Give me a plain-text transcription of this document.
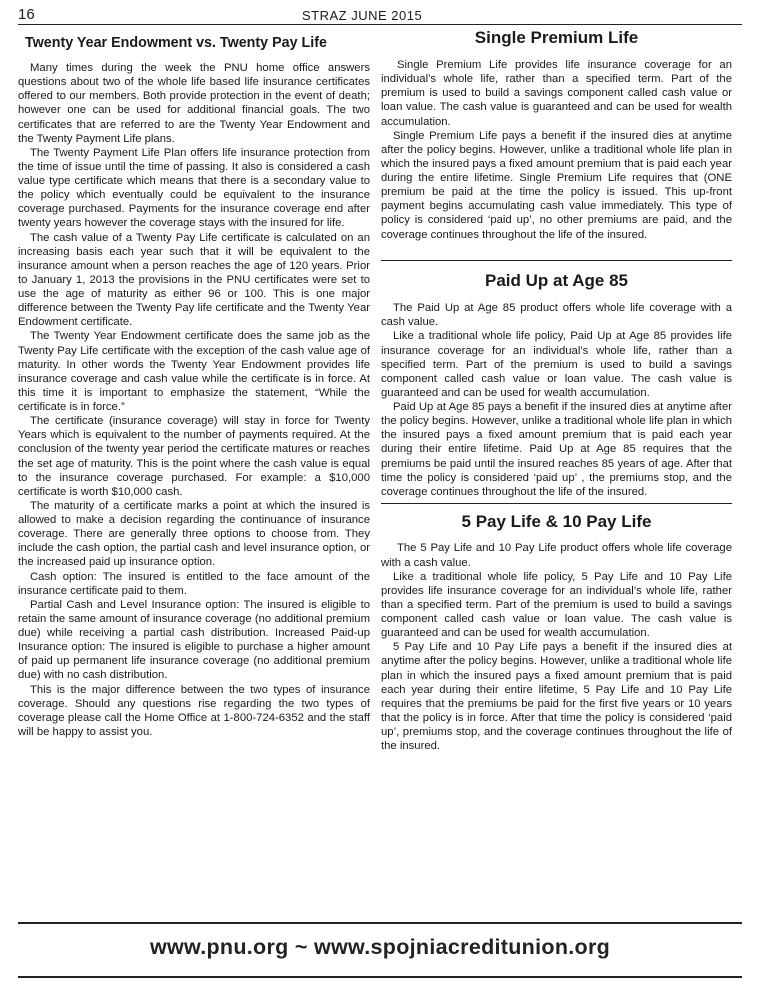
16	STRAZ JUNE 2015
Twenty Year Endowment vs. Twenty Pay Life

Many times during the week the PNU home office answers questions about two of the whole life based life insurance certificates offered to our members. Both provide protection in the event of death; however one can be used for additional financial goals. The two certificates that are referred to are the Twenty Year Endowment and the Twenty Payment Life plans.

The Twenty Payment Life Plan offers life insurance protection from the time of issue until the time of passing. It also is considered a cash value type certificate which means that there is a secondary value to the policy which eventually could be equivalent to the insurance coverage purchased. Payments for the insurance coverage end after twenty years however the coverage stays with the insured for life.

The cash value of a Twenty Pay Life certificate is calculated on an increasing basis each year such that it will be equivalent to the insurance amount when a person reaches the age of 120 years. Prior to January 1, 2013 the provisions in the PNU certificates were set to use the age of maturity as either 96 or 100. This is one major difference between the Twenty Pay life certificate and the Twenty Year Endowment certificate.

The Twenty Year Endowment certificate does the same job as the Twenty Pay Life certificate with the exception of the cash value age of maturity. In other words the Twenty Year Endowment provides life insurance coverage and cash value while the certificate is in force. At this time it is important to emphasize the statement, “While the certificate is in force.”

The certificate (insurance coverage) will stay in force for Twenty Years which is equivalent to the number of payments required. At the conclusion of the twenty year period the certificate matures or reaches the set age of maturity. This is the point where the cash value is equal to the insurance coverage purchased. For example: a $10,000 certificate is worth $10,000 cash.

The maturity of a certificate marks a point at which the insured is allowed to make a decision regarding the continuance of insurance coverage. There are generally three options to choose from. They include the cash option, the partial cash and level insurance option, or the increased paid up insurance option.

Cash option: The insured is entitled to the face amount of the insurance certificate paid to them.

Partial Cash and Level Insurance option: The insured is eligible to retain the same amount of insurance coverage (no additional premium due) while receiving a partial cash distribution. Increased Paid-up Insurance option: The insured is eligible to purchase a higher amount of paid up permanent life insurance coverage (no additional premium due) with no cash distribution.

This is the major difference between the two types of insurance coverage. Should any questions rise regarding the two types of coverage please call the Home Office at 1-800-724-6352 and the staff will be happy to assist you.

Single Premium Life

Single Premium Life provides life insurance coverage for an individual’s whole life, rather than a specified term. Part of the premium is used to build a savings component called cash value or loan value. The cash value is guaranteed and can be used for wealth accumulation.

Single Premium Life pays a benefit if the insured dies at anytime after the policy begins. However, unlike a traditional whole life plan in which the insured pays a fixed amount premium that is paid each year during the entire lifetime. Single Premium Life requires that (ONE premium be paid at the time the policy is issued. This up-front payment begins accumulating cash value immediately. This type of policy is considered ‘paid up’, no other premiums are paid, and the coverage continues throughout the life of the insured.

Paid Up at Age 85

The Paid Up at Age 85 product offers whole life coverage with a cash value.

Like a traditional whole life policy, Paid Up at Age 85 provides life insurance coverage for an individual’s whole life, rather than a specified term. Part of the premium is used to build a savings component called cash value or loan value. The cash value is guaranteed and can be used for wealth accumulation.

Paid Up at Age 85 pays a benefit if the insured dies at anytime after the policy begins. However, unlike a traditional whole life plan in which the insured pays a fixed amount premium that is paid each year during their entire lifetime. Paid Up at Age 85 requires that the premiums be paid until the insured reaches 85 years of age. After that time the policy is considered ‘paid up’ , the premiums stop, and the coverage continues throughout the life of the insured.

5 Pay Life & 10 Pay Life

The 5 Pay Life and 10 Pay Life product offers whole life coverage with a cash value.

Like a traditional whole life policy, 5 Pay Life and 10 Pay Life provides life insurance coverage for an individual’s whole life, rather than a specified term. Part of the premium is used to build a savings component called cash value or loan value. The cash value is guaranteed and can be used for wealth accumulation.

5 Pay Life and 10 Pay Life pays a benefit if the insured dies at anytime after the policy begins. However, unlike a traditional whole life plan in which the insured pays a fixed amount premium that is paid each year during their entire lifetime, 5 Pay Life and 10 Pay Life requires that the premiums be paid for the first five years or 10 years that the policy is in force. After that time the policy is considered ‘paid up’, premiums stop, and the coverage continues throughout the life of the insured.

www.pnu.org ~ www.spojniacreditunion.org
